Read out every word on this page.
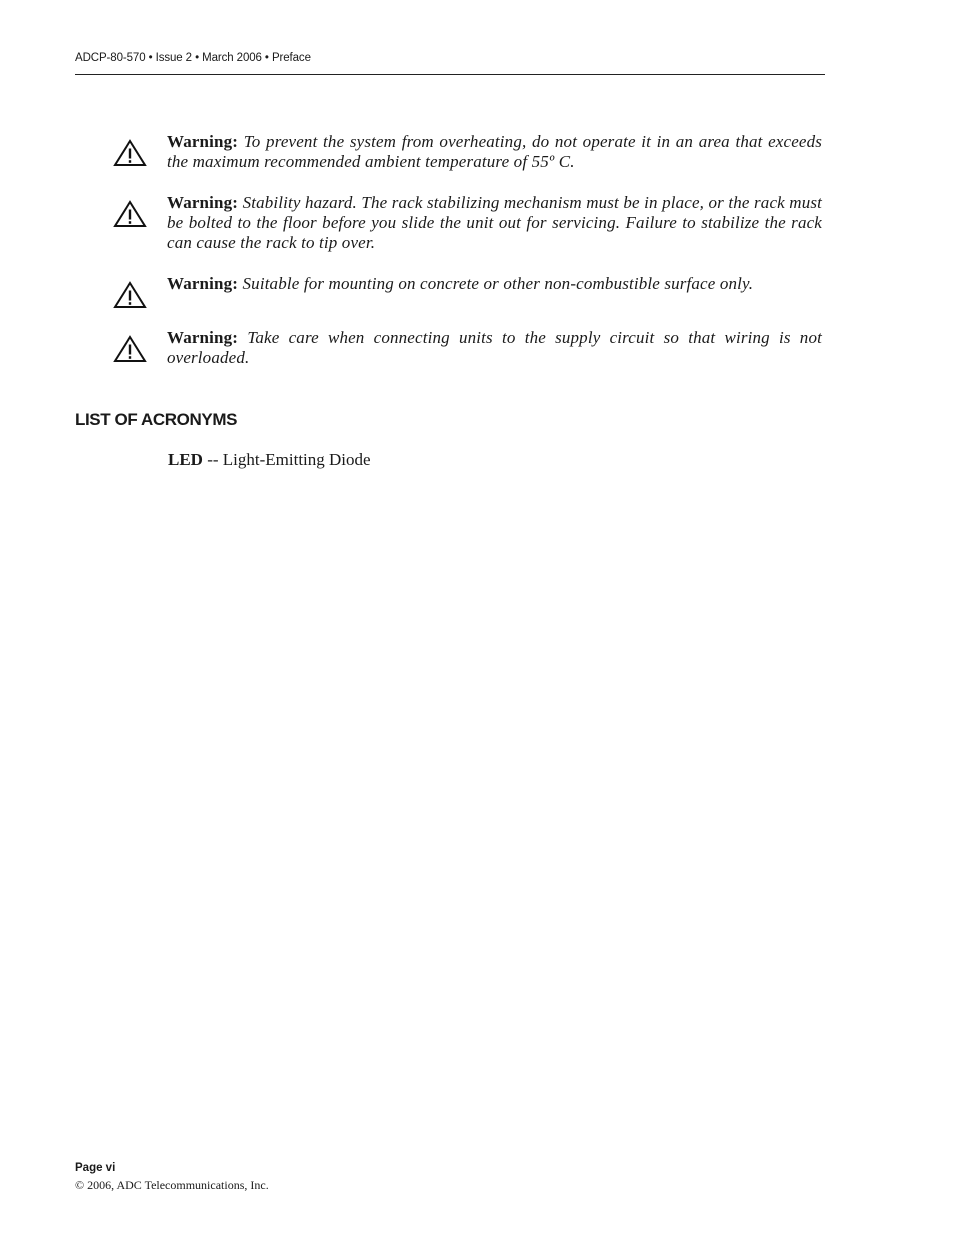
ADCP-80-570 • Issue 2 • March 2006 • Preface
Warning: To prevent the system from overheating, do not operate it in an area that exceeds the maximum recommended ambient temperature of 55º C.
Warning: Stability hazard. The rack stabilizing mechanism must be in place, or the rack must be bolted to the floor before you slide the unit out for servicing. Failure to stabilize the rack can cause the rack to tip over.
Warning: Suitable for mounting on concrete or other non-combustible surface only.
Warning: Take care when connecting units to the supply circuit so that wiring is not overloaded.
LIST OF ACRONYMS
LED -- Light-Emitting Diode
Page vi
© 2006, ADC Telecommunications, Inc.
